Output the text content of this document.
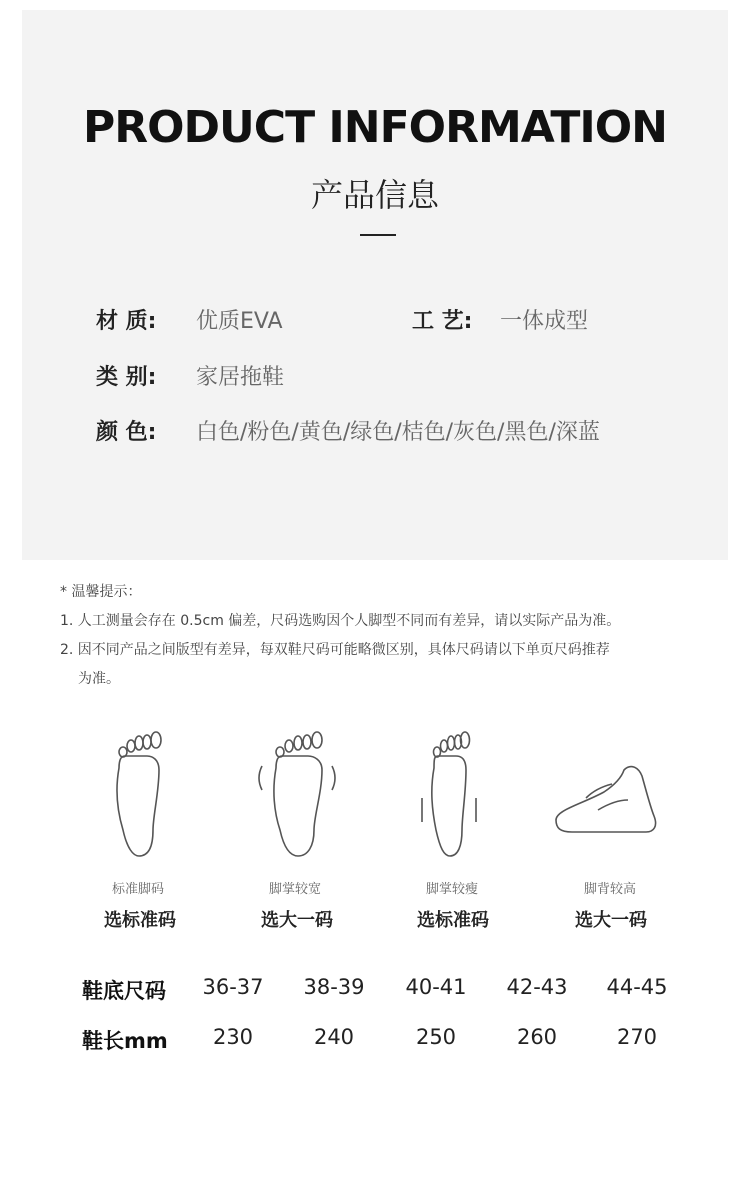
PRODUCT INFORMATION
产品信息
材 质: 优质EVA	工 艺: 一体成型
类 别: 家居拖鞋
颜 色: 白色/粉色/黄色/绿色/桔色/灰色/黑色/深蓝

* 温馨提示：

1. 人工测量会存在 0.5cm 偏差，尺码选购因个人脚型不同而有差异，请以实际产品为准。

2. 因不同产品之间版型有差异，每双鞋尺码可能略微区别，具体尺码请以下单页尺码推荐

为准。

标准脚码	脚掌较宽	脚掌较瘦	脚背较高
选标准码	选大一码	选标准码	选大一码
鞋底尺码	36-37	38-39	40-41	42-43	44-45
鞋长mm	230	240	250	260	270
